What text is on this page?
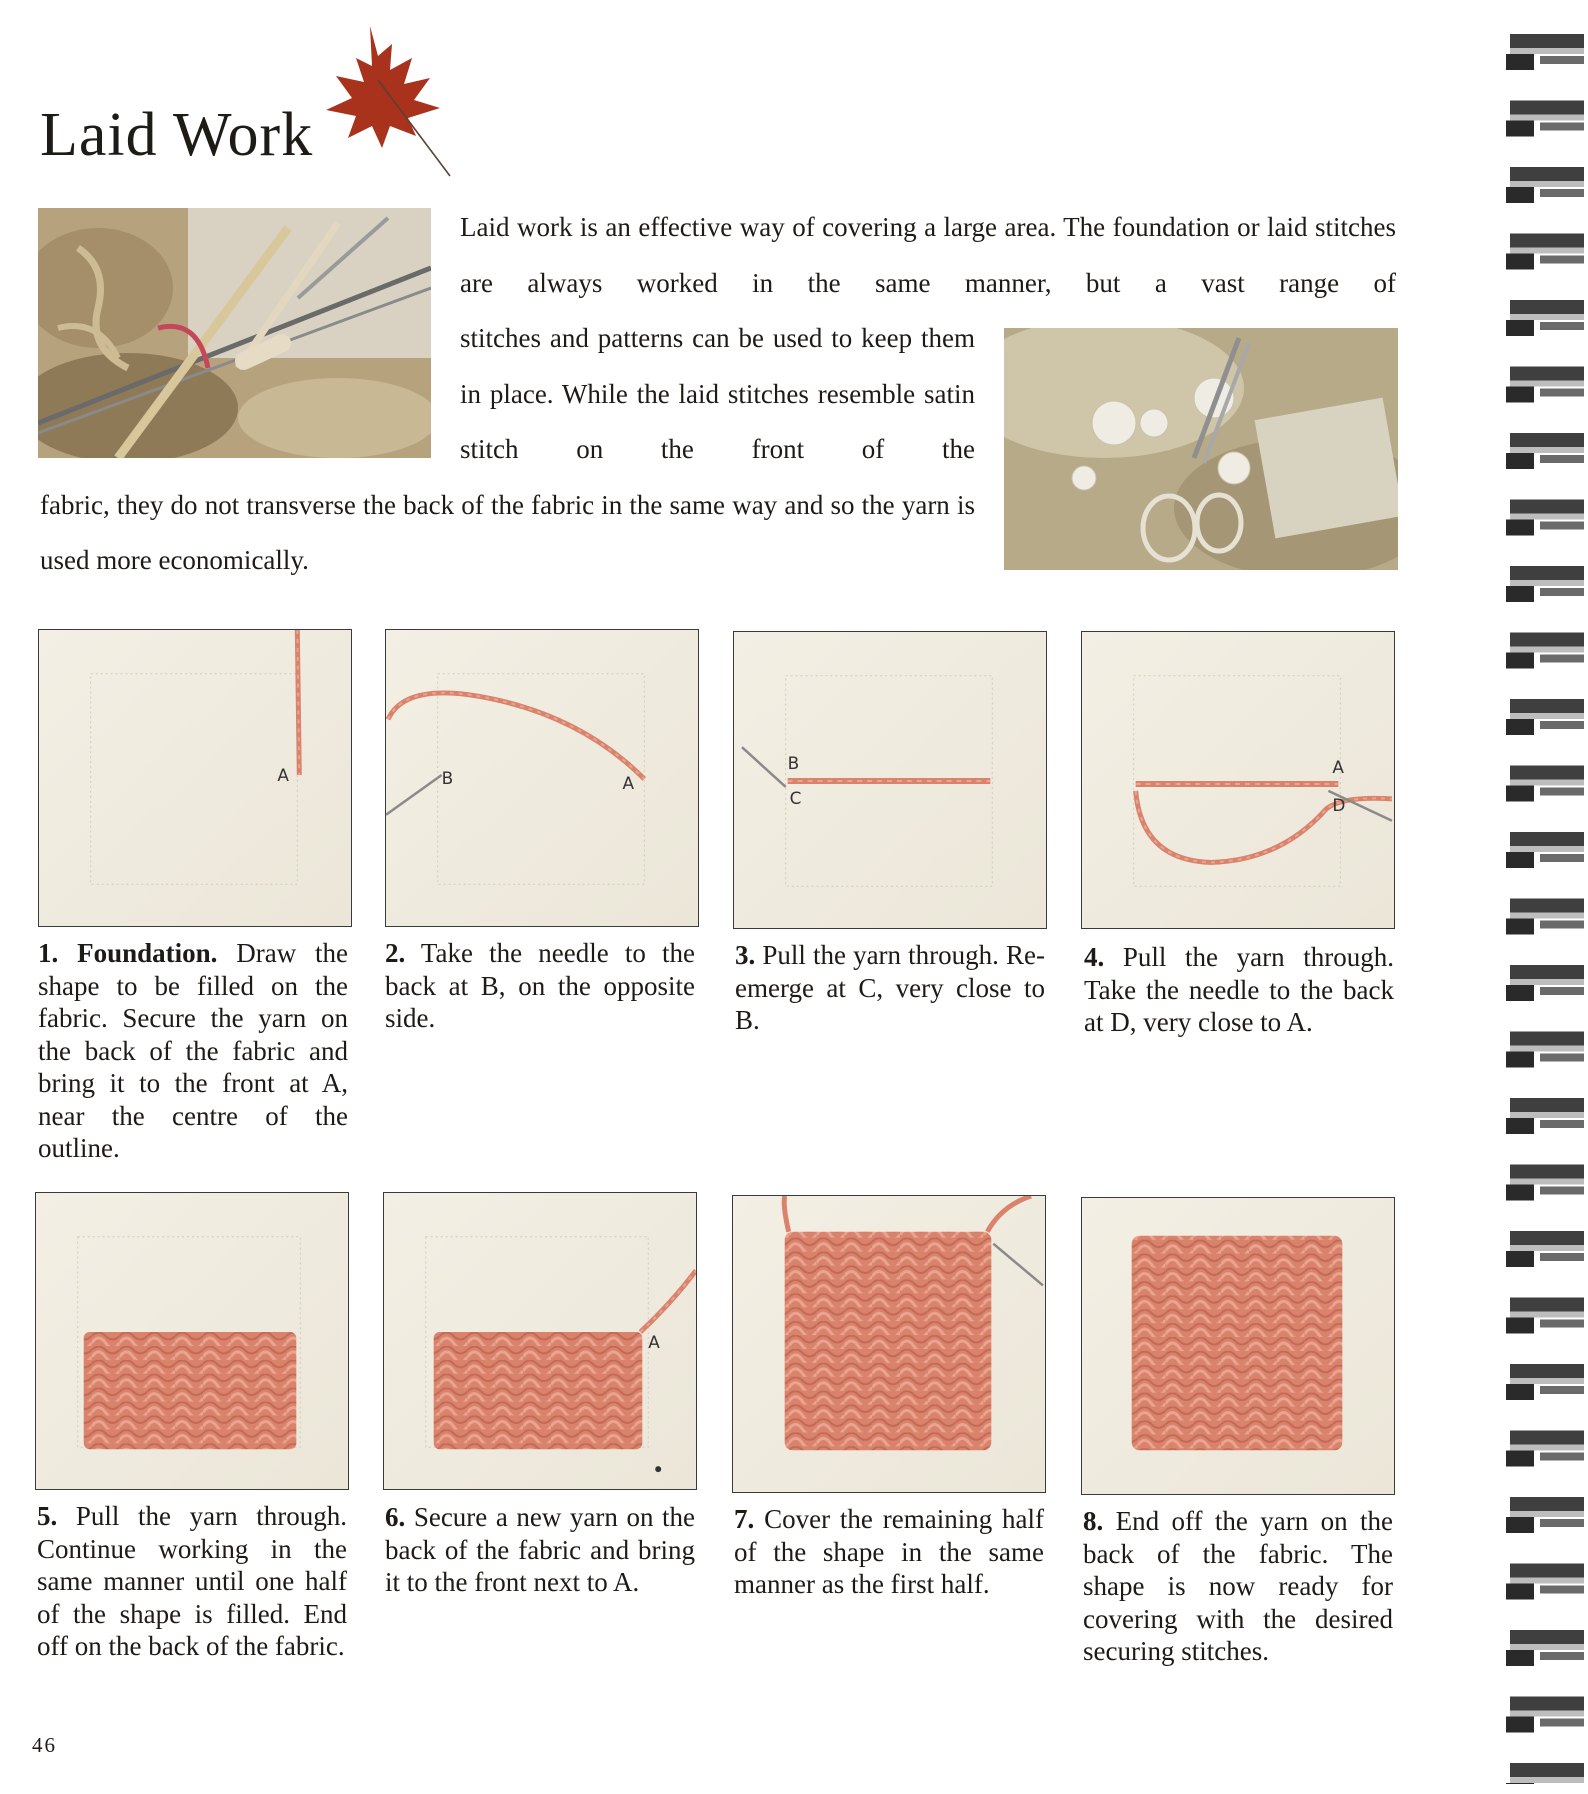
Laid Work

Laid work is an effective way of covering a large area. The foundation or laid stitches are always worked in the same manner, but a vast range of

stitches and patterns can be used to keep them in place. While the laid stitches resemble satin stitch on the front of the

fabric, they do not transverse the back of the fabric in the same way and so the yarn is used more economically.

A

1. Foundation. Draw the shape to be filled on the fabric. Secure the yarn on the back of the fabric and bring it to the front at A, near the centre of the outline.

B	A

2. Take the needle to the back at B, on the opposite side.

B
C

3. Pull the yarn through. Re-emerge at C, very close to B.

A
D

4. Pull the yarn through. Take the needle to the back at D, very close to A.

5. Pull the yarn through. Continue working in the same manner until one half of the shape is filled. End off on the back of the fabric.

A

6. Secure a new yarn on the back of the fabric and bring it to the front next to A.

7. Cover the remaining half of the shape in the same manner as the first half.

8. End off the yarn on the back of the fabric. The shape is now ready for covering with the desired securing stitches.

46
